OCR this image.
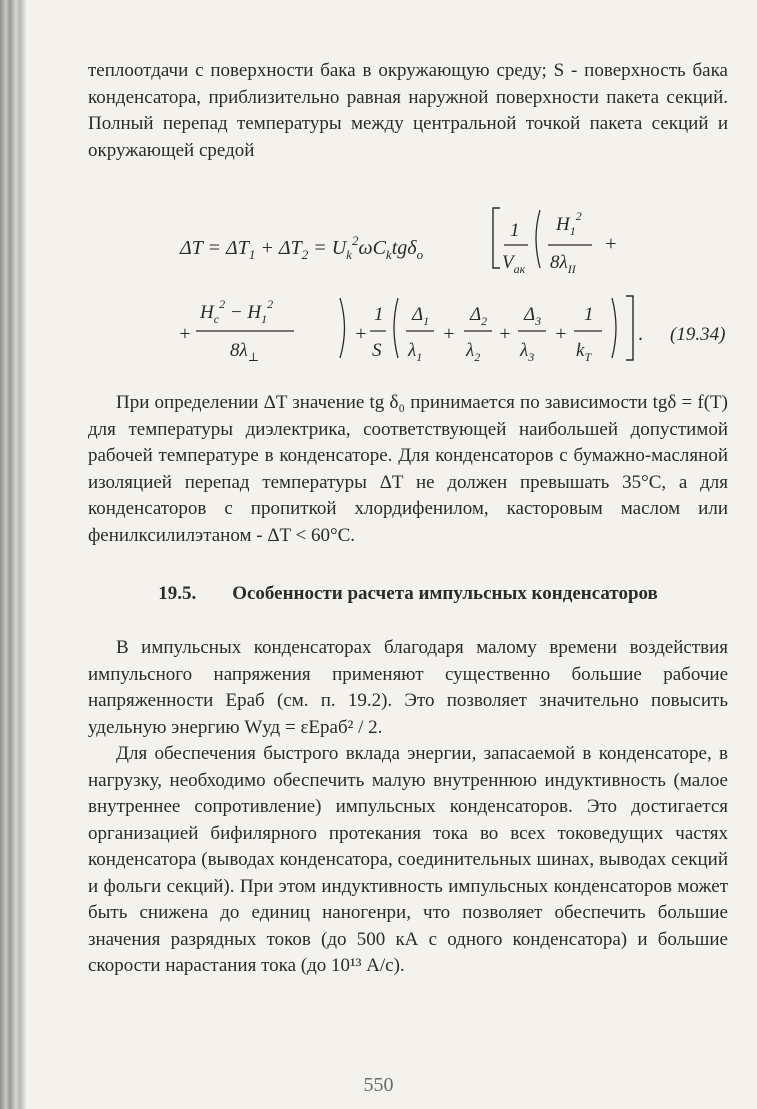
теплоотдачи с поверхности бака в окружающую среду; S - поверхность бака конденсатора, приблизительно равная наружной поверхности пакета секций. Полный перепад температуры между центральной точкой пакета секций и окружающей средой

$\Delta T = \Delta T_1 + \Delta T_2 = U_k^2\omega C_ktg\delta_o$
1
$V_{ак}$
$H_1^2$
$8\lambda_{II}$
+
+
$H_c^2 - H_1^2$
$8\lambda_\perp$
+
1
S
$\Delta_1$
$\lambda_1$
+
$\Delta_2$
$\lambda_2$
+
$\Delta_3$
$\lambda_3$
+
1
$k_T$
. (19.34)

При определении ΔT значение tg δ₀ принимается по зависимости tgδ = f(T) для температуры диэлектрика, соответствующей наибольшей допустимой рабочей температуре в конденсаторе. Для конденсаторов с бумажно-масляной изоляцией перепад температуры ΔT не должен превышать 35°С, а для конденсаторов с пропиткой хлордифенилом, касторовым маслом или фенилксилилэтаном - ΔT < 60°С.

19.5. Особенности расчета импульсных конденсаторов

В импульсных конденсаторах благодаря малому времени воздействия импульсного напряжения применяют существенно большие рабочие напряженности Eраб (см. п. 19.2). Это позволяет значительно повысить удельную энергию Wуд = εEраб² / 2.

Для обеспечения быстрого вклада энергии, запасаемой в конденсаторе, в нагрузку, необходимо обеспечить малую внутреннюю индуктивность (малое внутреннее сопротивление) импульсных конденсаторов. Это достигается организацией бифилярного протекания тока во всех токоведущих частях конденсатора (выводах конденсатора, соединительных шинах, выводах секций и фольги секций). При этом индуктивность импульсных конденсаторов может быть снижена до единиц наногенри, что позволяет обеспечить большие значения разрядных токов (до 500 кА с одного конденсатора) и большие скорости нарастания тока (до 10¹³ А/с).

550
